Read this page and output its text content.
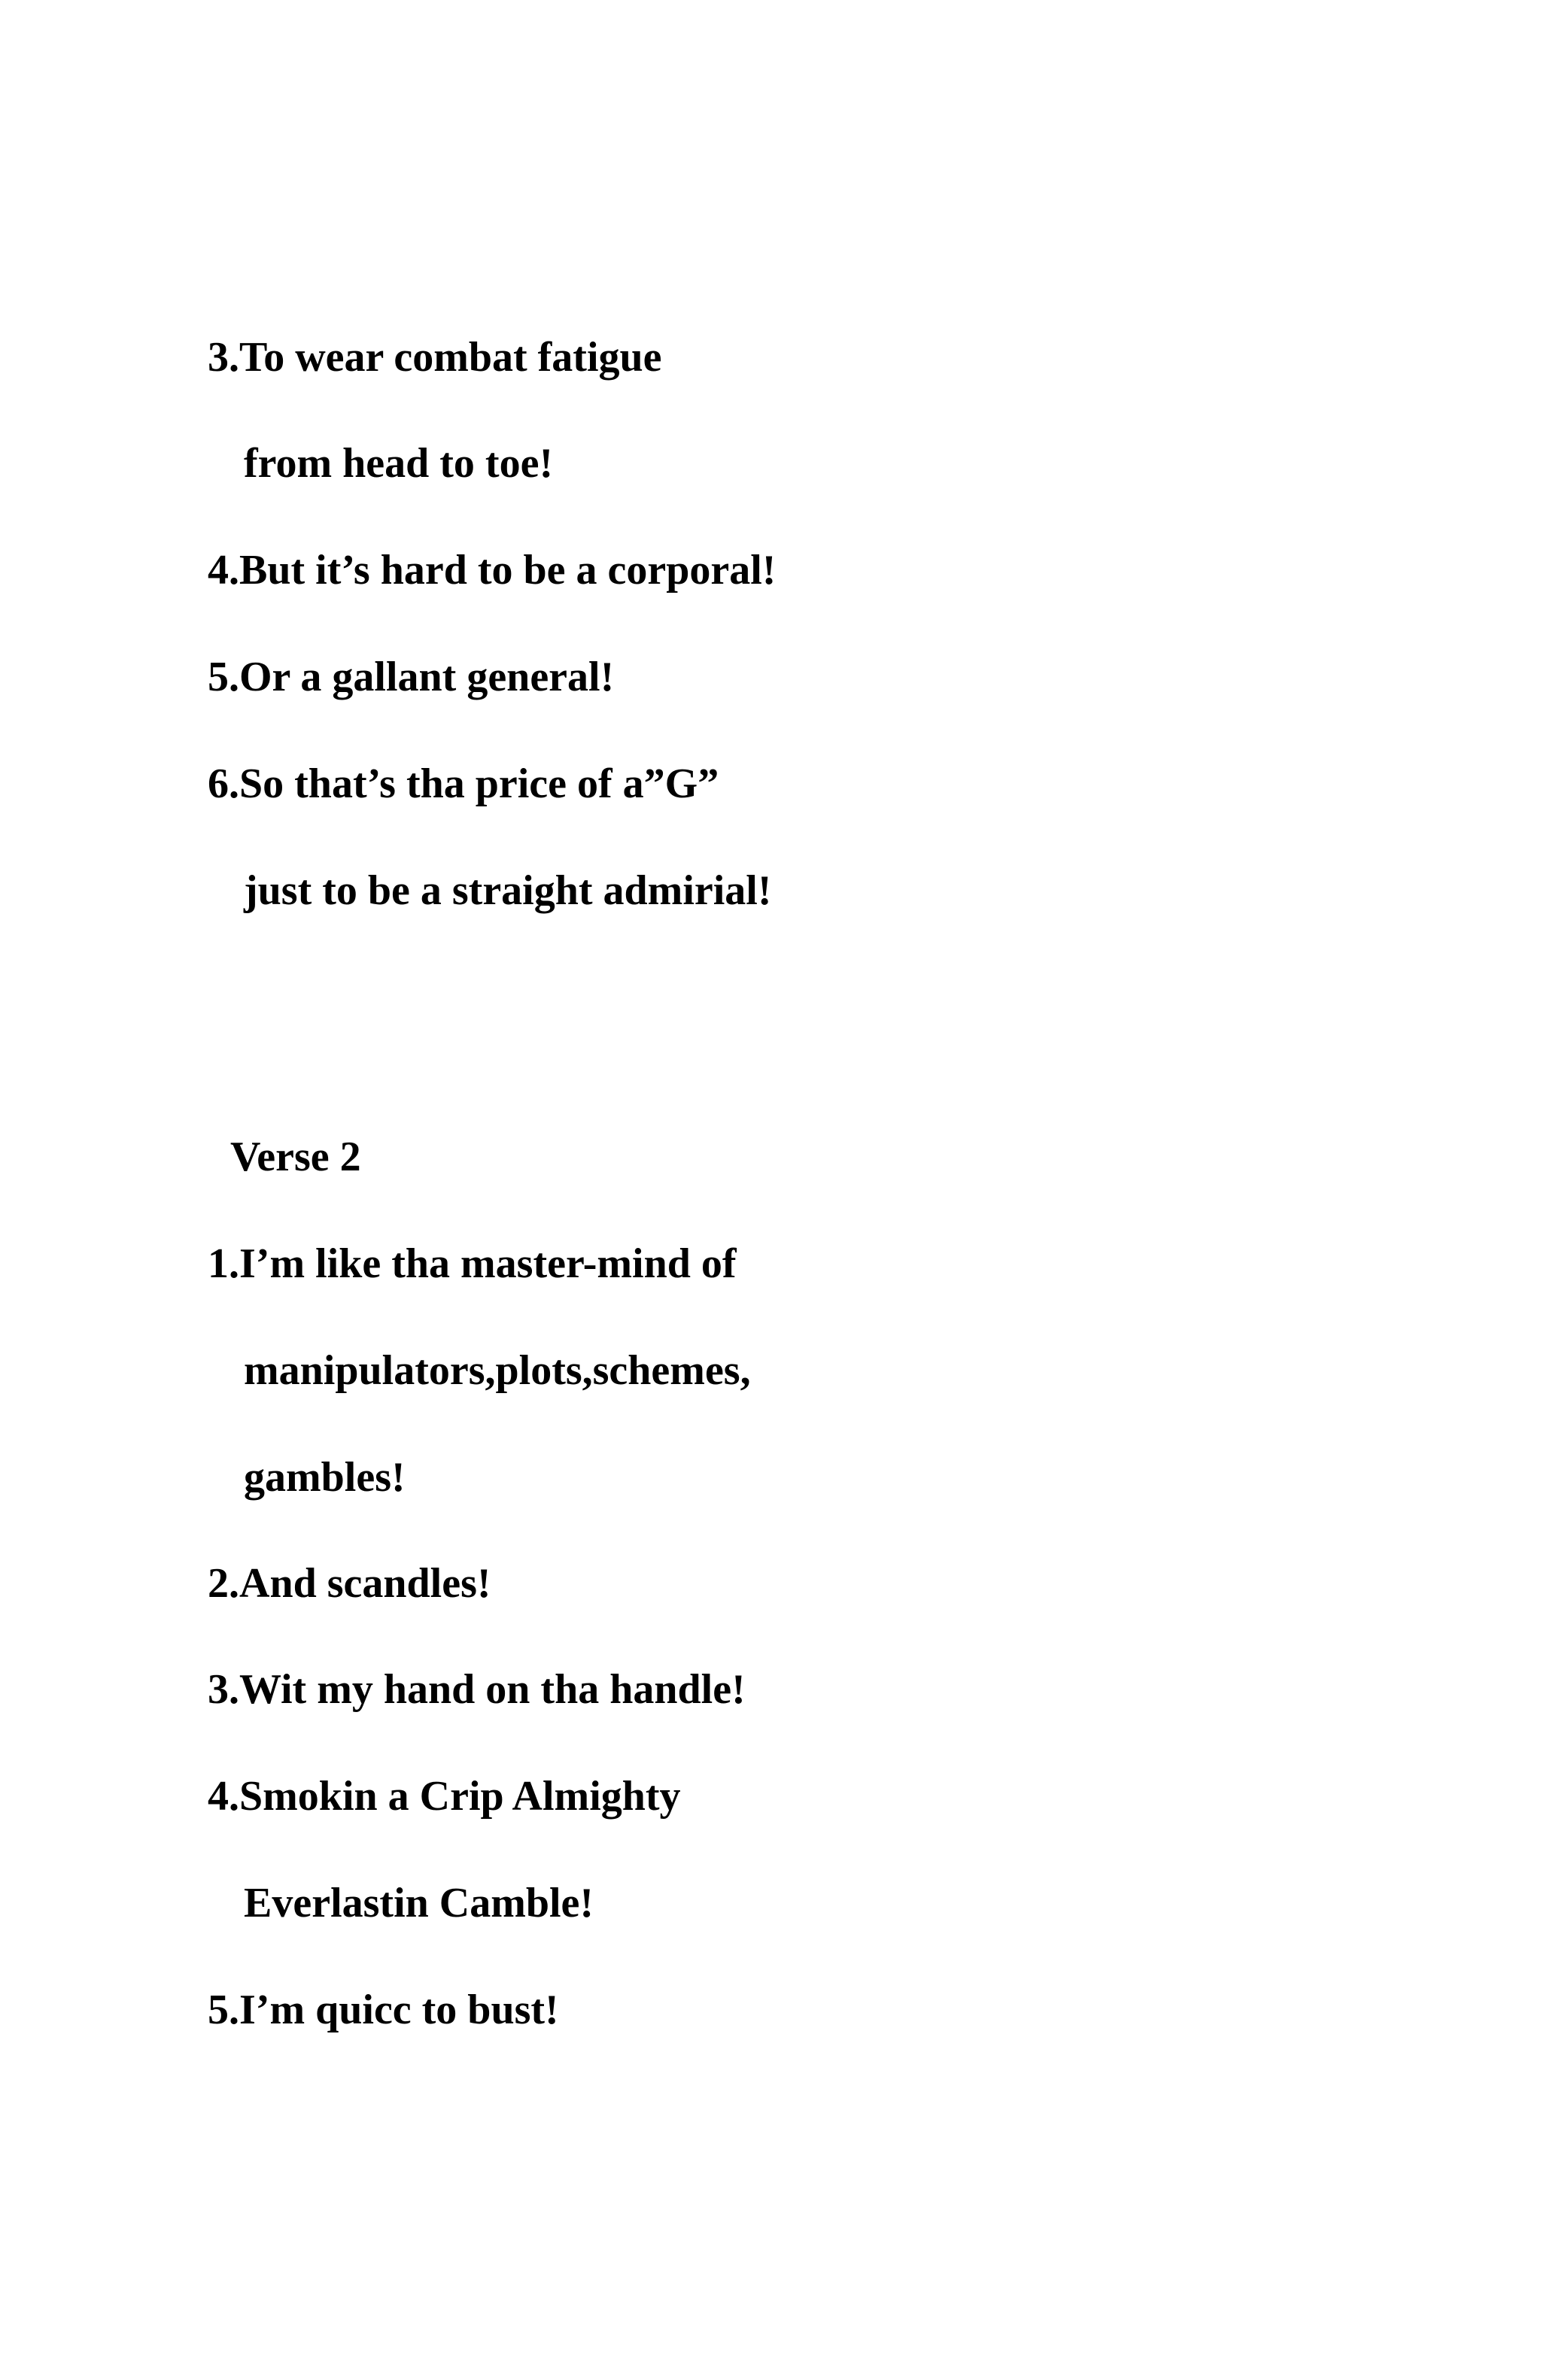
3.To wear combat fatigue

from head to toe!

4.But it’s hard to be a corporal!

5.Or a gallant general!

6.So that’s tha price of a”G”

just to be a straight admirial!

Verse 2

1.I’m like tha master-mind of

manipulators,plots,schemes,

gambles!

2.And scandles!

3.Wit my hand on tha handle!

4.Smokin a Crip Almighty

Everlastin Camble!

5.I’m quicc to bust!
